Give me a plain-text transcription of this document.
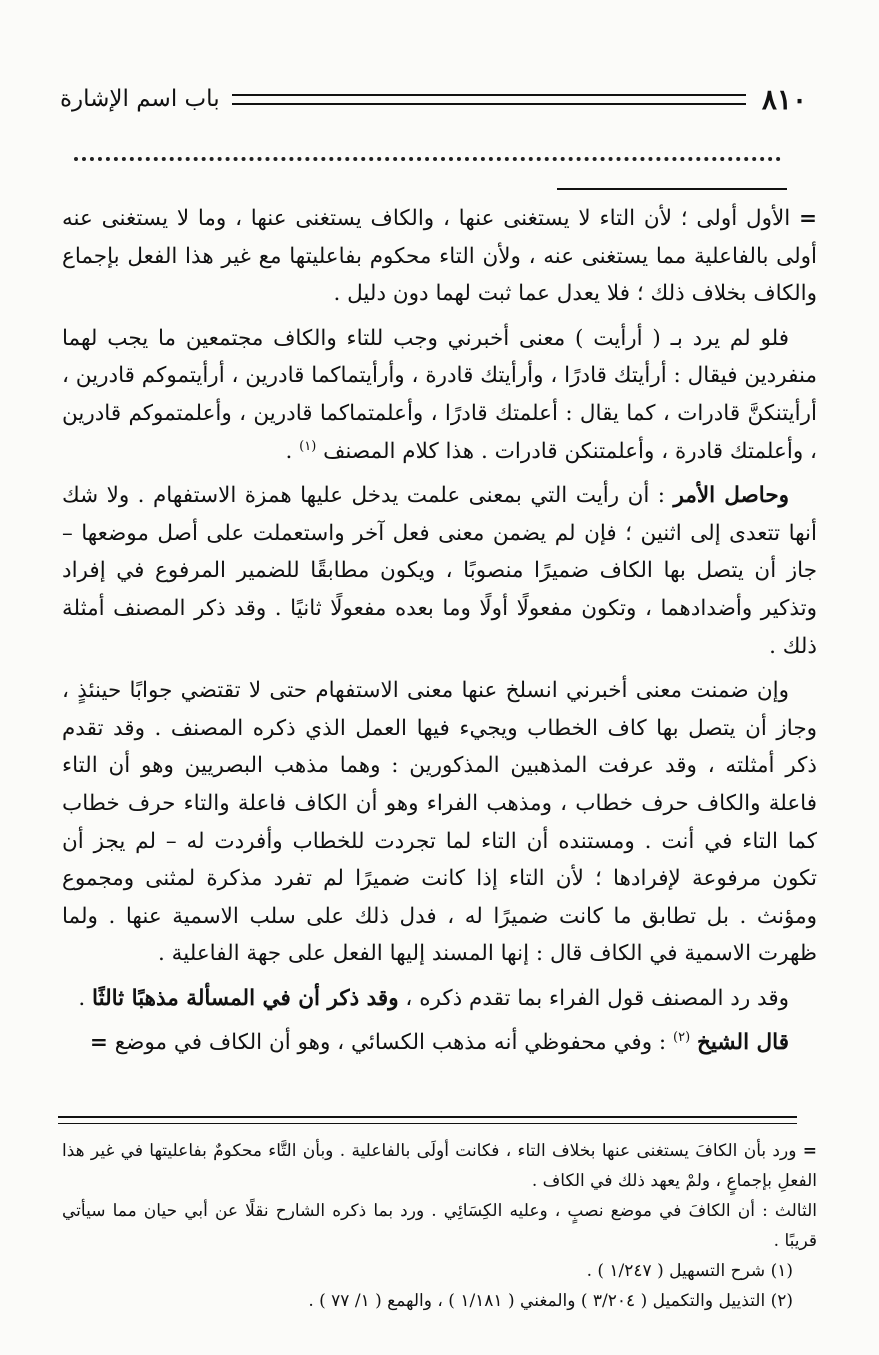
٨١٠
باب اسم الإشارة

= الأول أولى ؛ لأن التاء لا يستغنى عنها ، والكاف يستغنى عنها ، وما لا يستغنى عنه أولى بالفاعلية مما يستغنى عنه ، ولأن التاء محكوم بفاعليتها مع غير هذا الفعل بإجماع والكاف بخلاف ذلك ؛ فلا يعدل عما ثبت لهما دون دليل .

فلو لم يرد بـ ( أرأيت ) معنى أخبرني وجب للتاء والكاف مجتمعين ما يجب لهما منفردين فيقال : أرأيتك قادرًا ، وأرأيتك قادرة ، وأرأيتماكما قادرين ، أرأيتموكم قادرين ، أرأيتنكنَّ قادرات ، كما يقال : أعلمتك قادرًا ، وأعلمتماكما قادرين ، وأعلمتموكم قادرين ، وأعلمتك قادرة ، وأعلمتنكن قادرات . هذا كلام المصنف $^{(١)}$ .

وحاصل الأمر : أن رأيت التي بمعنى علمت يدخل عليها همزة الاستفهام . ولا شك أنها تتعدى إلى اثنين ؛ فإن لم يضمن معنى فعل آخر واستعملت على أصل موضعها – جاز أن يتصل بها الكاف ضميرًا منصوبًا ، ويكون مطابقًا للضمير المرفوع في إفراد وتذكير وأضدادهما ، وتكون مفعولًا أولًا وما بعده مفعولًا ثانيًا . وقد ذكر المصنف أمثلة ذلك .

وإن ضمنت معنى أخبرني انسلخ عنها معنى الاستفهام حتى لا تقتضي جوابًا حينئذٍ ، وجاز أن يتصل بها كاف الخطاب ويجيء فيها العمل الذي ذكره المصنف . وقد تقدم ذكر أمثلته ، وقد عرفت المذهبين المذكورين : وهما مذهب البصريين وهو أن التاء فاعلة والكاف حرف خطاب ، ومذهب الفراء وهو أن الكاف فاعلة والتاء حرف خطاب كما التاء في أنت . ومستنده أن التاء لما تجردت للخطاب وأفردت له – لم يجز أن تكون مرفوعة لإفرادها ؛ لأن التاء إذا كانت ضميرًا لم تفرد مذكرة لمثنى ومجموع ومؤنث . بل تطابق ما كانت ضميرًا له ، فدل ذلك على سلب الاسمية عنها . ولما ظهرت الاسمية في الكاف قال : إنها المسند إليها الفعل على جهة الفاعلية .

وقد رد المصنف قول الفراء بما تقدم ذكره ، وقد ذكر أن في المسألة مذهبًا ثالثًا .

قال الشيخ $^{(٢)}$ : وفي محفوظي أنه مذهب الكسائي ، وهو أن الكاف في موضع =

= ورد بأن الكافَ يستغنى عنها بخلاف التاء ، فكانت أولَى بالفاعلية . وبأن التَّاء محكومٌ بفاعليتها في غير هذا الفعلِ بإجماعٍ ، ولمْ يعهد ذلك في الكاف .

الثالث : أن الكافَ في موضع نصبٍ ، وعليه الكِسَائِي . ورد بما ذكره الشارح نقلًا عن أبي حيان مما سيأتي قريبًا .

(١) شرح التسهيل ( ١/٢٤٧ ) .

(٢) التذييل والتكميل ( ٣/٢٠٤ ) والمغني ( ١/١٨١ ) ، والهمع ( ١/ ٧٧ ) .
